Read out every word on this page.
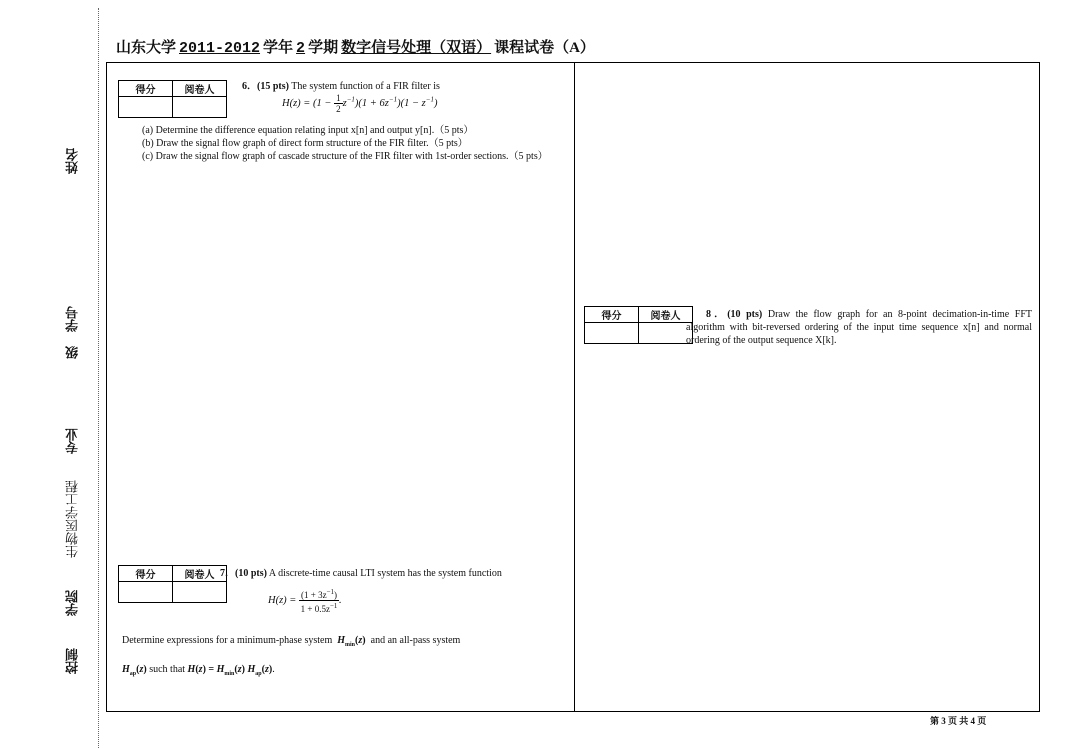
姓名
学号
级
专业
生物医学工程
学院
控制
山东大学 2011-2012 学年 2 学期 数字信号处理（双语） 课程试卷（A）
得分	阅卷人
		6．(15 pts) The system function of a FIR filter is
$H(z) = (1 - \frac{1}{2} z^{-1})(1 + 6z^{-1})(1 - z^{-1})$
(a) Determine the difference equation relating input x[n] and output y[n].（5 pts）
(b) Draw the signal flow graph of direct form structure of the FIR filter.（5 pts）
(c) Draw the signal flow graph of cascade structure of the FIR filter with 1st-order sections.（5 pts）
得分	阅卷人
	7．(10 pts) A discrete-time causal LTI system has the system function
$H(z) = \frac{(1 + 3z^{-1})}{1 + 0.5z^{-1}}$ .
Determine expressions for a minimum-phase system $H_{min}(z)$ and an all-pass system
$H_{ap}(z)$ such that $H(z) = H_{min}(z)$ $H_{ap}(z)$.
得分	阅卷人
		8．(10 pts) Draw the flow graph for an 8-point decimation-in-time FFT algorithm with bit-reversed ordering of the input time sequence x[n] and normal ordering of the output sequence X[k].
第 3 页 共 4 页
